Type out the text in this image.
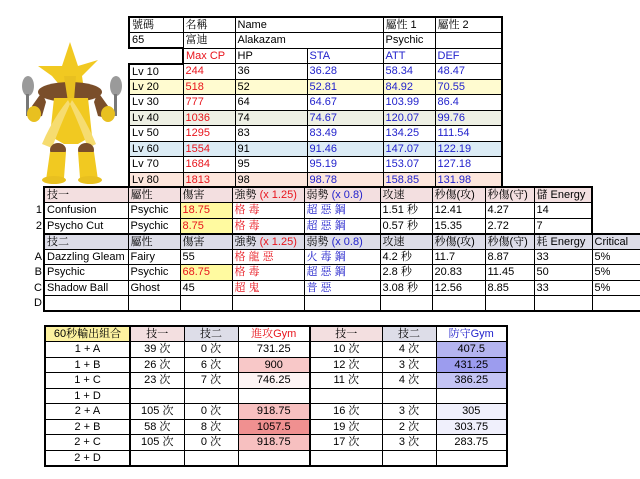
號碼	名稱	Name		屬性 1	屬性 2
65	富迪	Alakazam		Psychic	
	Max CP	HP	STA	ATT	DEF
Lv 10	244	36	36.28	58.34	48.47
Lv 20	518	52	52.81	84.92	70.55
Lv 30	777	64	64.67	103.99	86.4
Lv 40	1036	74	74.67	120.07	99.76
Lv 50	1295	83	83.49	134.25	111.54
Lv 60	1554	91	91.46	147.07	122.19
Lv 70	1684	95	95.19	153.07	127.18
Lv 80	1813	98	98.78	158.85	131.98
	技一	屬性	傷害	強勢 (x 1.25)	弱勢 (x 0.8)	攻速	秒傷(攻)	秒傷(守)	儲 Energy	
1	Confusion	Psychic	18.75	格 毒	超 惡 鋼	1.51 秒	12.41	4.27	14	
2	Psycho Cut	Psychic	8.75	格 毒	超 惡 鋼	0.57 秒	15.35	2.72	7	
	技二	屬性	傷害	強勢 (x 1.25)	弱勢 (x 0.8)	攻速	秒傷(攻)	秒傷(守)	耗 Energy	Critical
A	Dazzling Gleam	Fairy	55	格 龍 惡	火 毒 鋼	4.2 秒	11.7	8.87	33	5%
B	Psychic	Psychic	68.75	格 毒	超 惡 鋼	2.8 秒	20.83	11.45	50	5%
C	Shadow Ball	Ghost	45	超 鬼	普 惡	3.08 秒	12.56	8.85	33	5%
D										
60秒輸出組合	技一	技二	進攻Gym	技一	技二	防守Gym
1 + A	39 次	0 次	731.25	10 次	4 次	407.5
1 + B	26 次	6 次	900	12 次	3 次	431.25
1 + C	23 次	7 次	746.25	11 次	4 次	386.25
1 + D						
2 + A	105 次	0 次	918.75	16 次	3 次	305
2 + B	58 次	8 次	1057.5	19 次	2 次	303.75
2 + C	105 次	0 次	918.75	17 次	3 次	283.75
2 + D						
